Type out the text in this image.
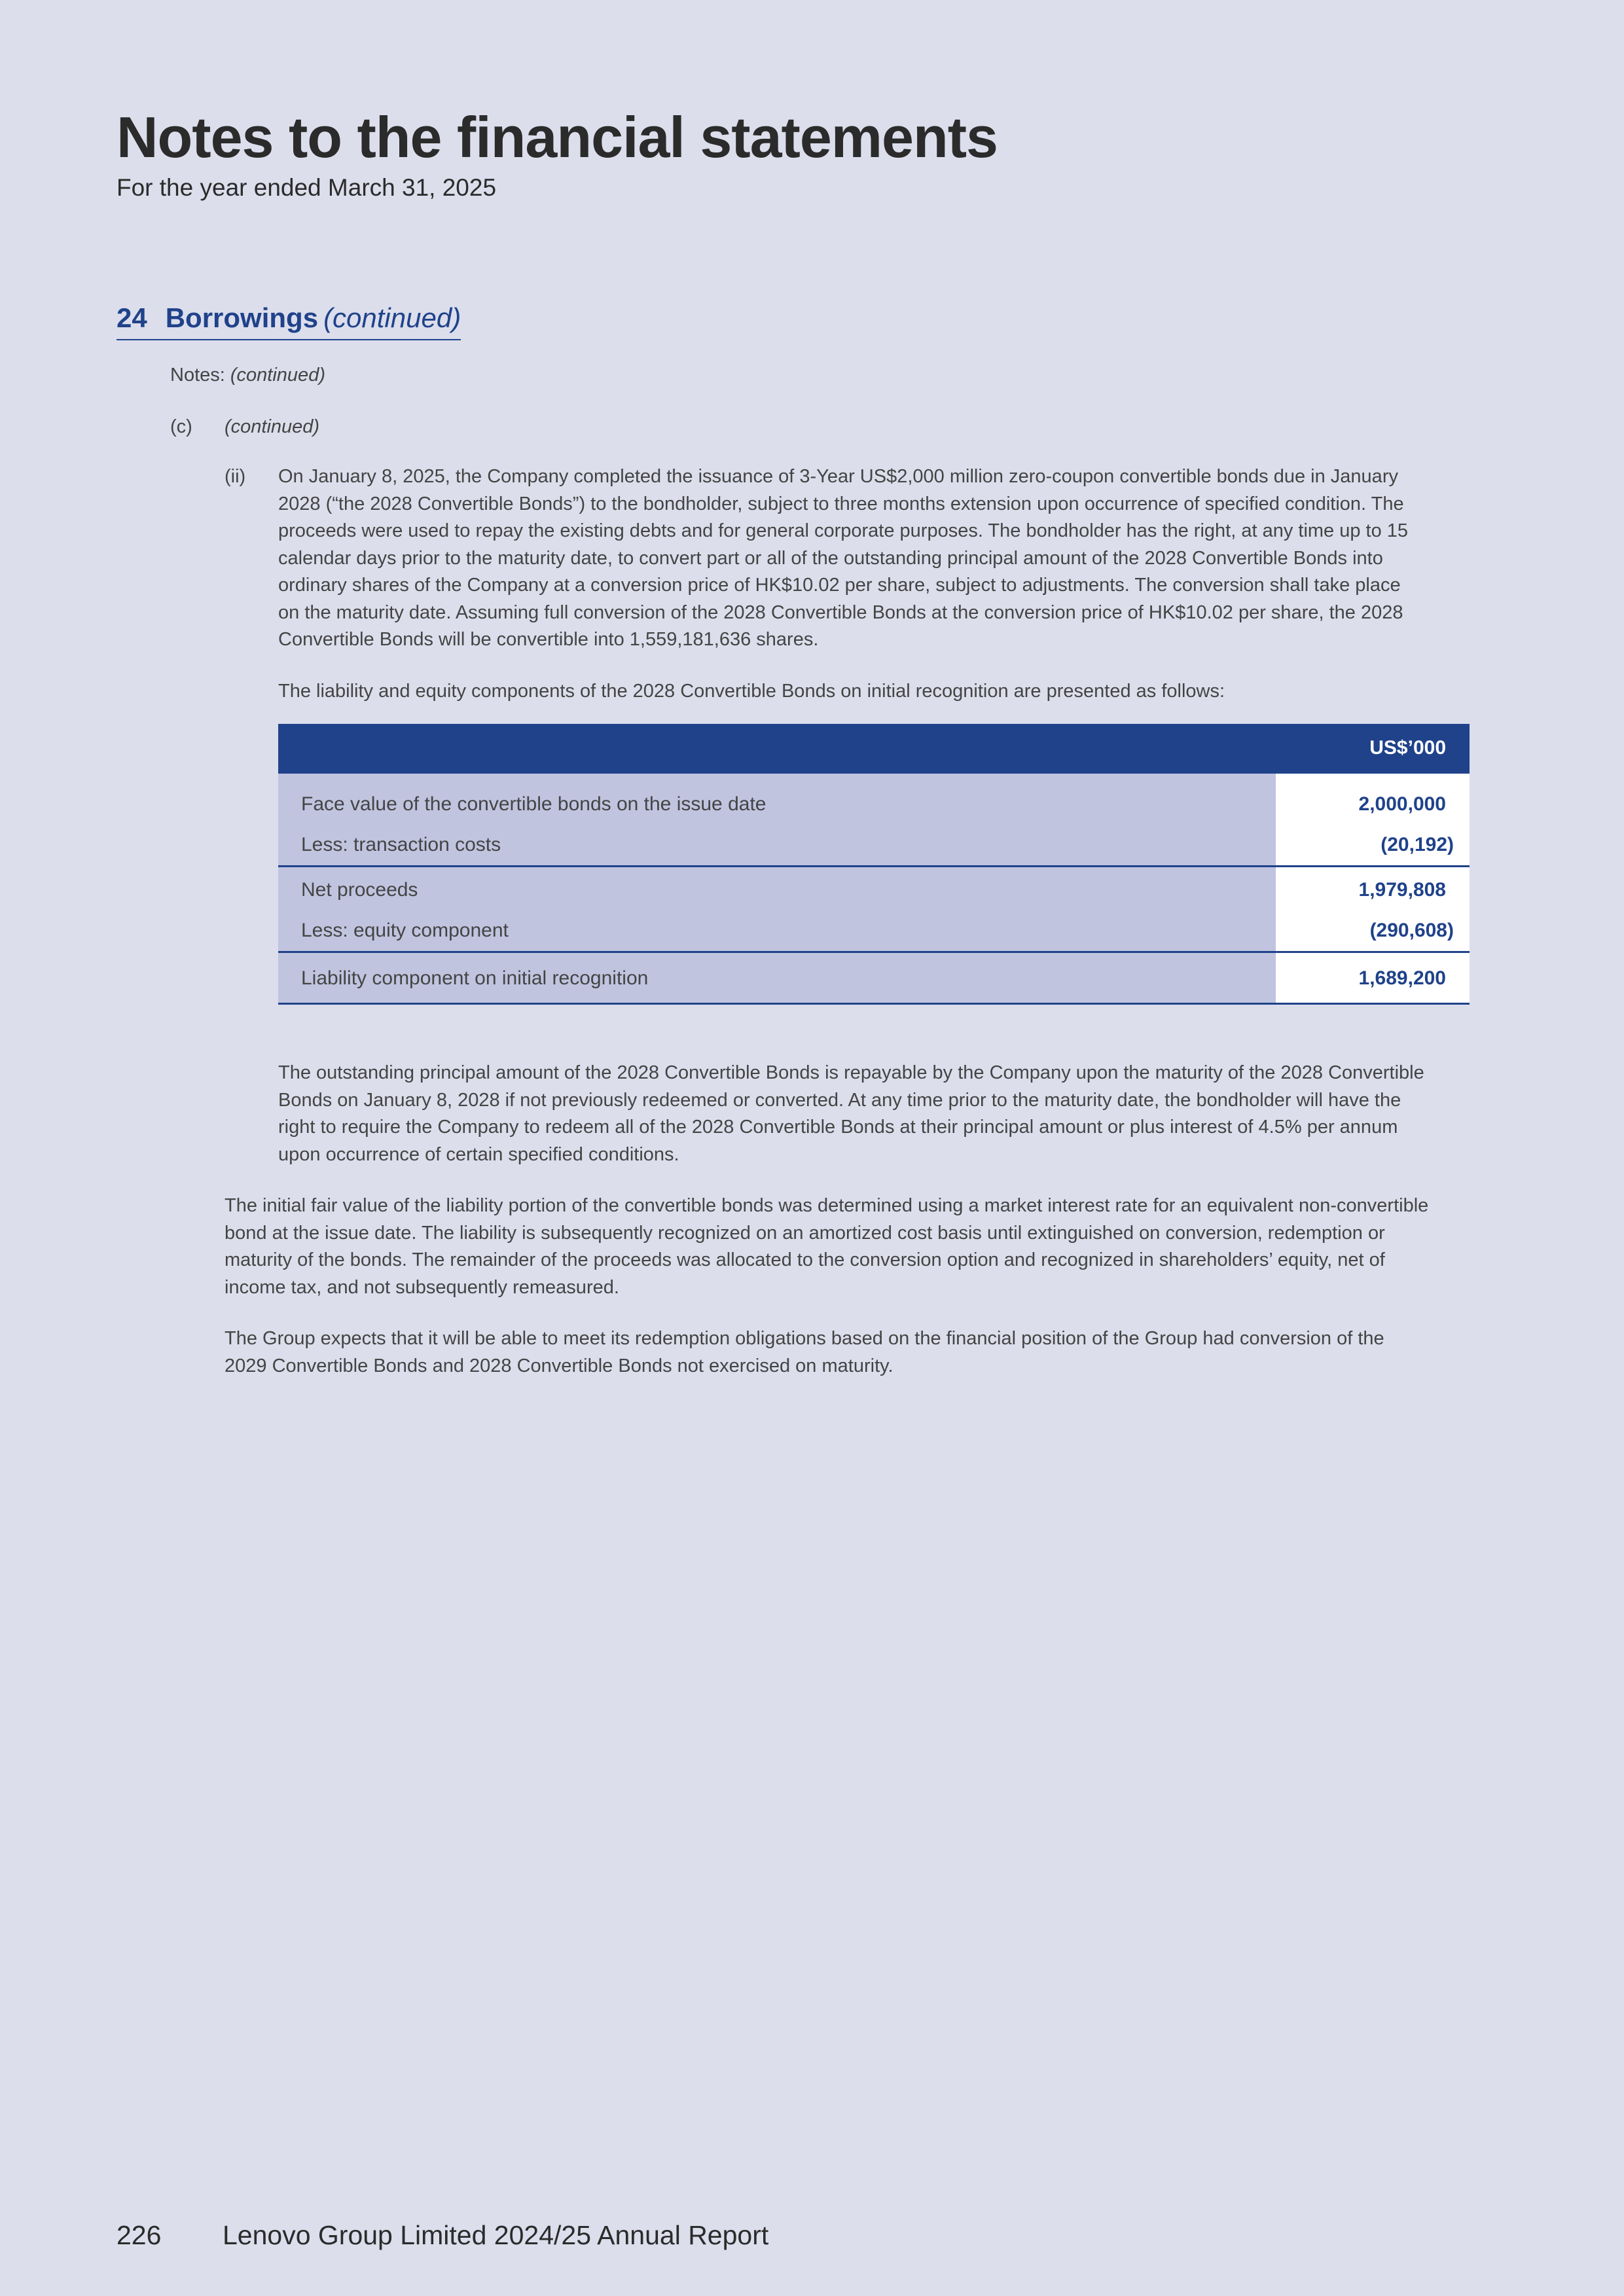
Notes to the financial statements
For the year ended March 31, 2025
24 Borrowings (continued)
Notes: (continued)
(c) (continued)
(ii) On January 8, 2025, the Company completed the issuance of 3-Year US$2,000 million zero-coupon convertible bonds due in January
2028 (“the 2028 Convertible Bonds”) to the bondholder, subject to three months extension upon occurrence of specified condition. The
proceeds were used to repay the existing debts and for general corporate purposes. The bondholder has the right, at any time up to 15
calendar days prior to the maturity date, to convert part or all of the outstanding principal amount of the 2028 Convertible Bonds into
ordinary shares of the Company at a conversion price of HK$10.02 per share, subject to adjustments. The conversion shall take place
on the maturity date. Assuming full conversion of the 2028 Convertible Bonds at the conversion price of HK$10.02 per share, the 2028
Convertible Bonds will be convertible into 1,559,181,636 shares.
The liability and equity components of the 2028 Convertible Bonds on initial recognition are presented as follows:
US$’000
Face value of the convertible bonds on the issue date
Less: transaction costs
2,000,000
(20,192)
Net proceeds
Less: equity component
1,979,808
(290,608)
Liability component on initial recognition	1,689,200
The outstanding principal amount of the 2028 Convertible Bonds is repayable by the Company upon the maturity of the 2028 Convertible
Bonds on January 8, 2028 if not previously redeemed or converted. At any time prior to the maturity date, the bondholder will have the
right to require the Company to redeem all of the 2028 Convertible Bonds at their principal amount or plus interest of 4.5% per annum
upon occurrence of certain specified conditions.
The initial fair value of the liability portion of the convertible bonds was determined using a market interest rate for an equivalent non-convertible
bond at the issue date. The liability is subsequently recognized on an amortized cost basis until extinguished on conversion, redemption or
maturity of the bonds. The remainder of the proceeds was allocated to the conversion option and recognized in shareholders’ equity, net of
income tax, and not subsequently remeasured.
The Group expects that it will be able to meet its redemption obligations based on the financial position of the Group had conversion of the
2029 Convertible Bonds and 2028 Convertible Bonds not exercised on maturity.
226 Lenovo Group Limited 2024/25 Annual Report
